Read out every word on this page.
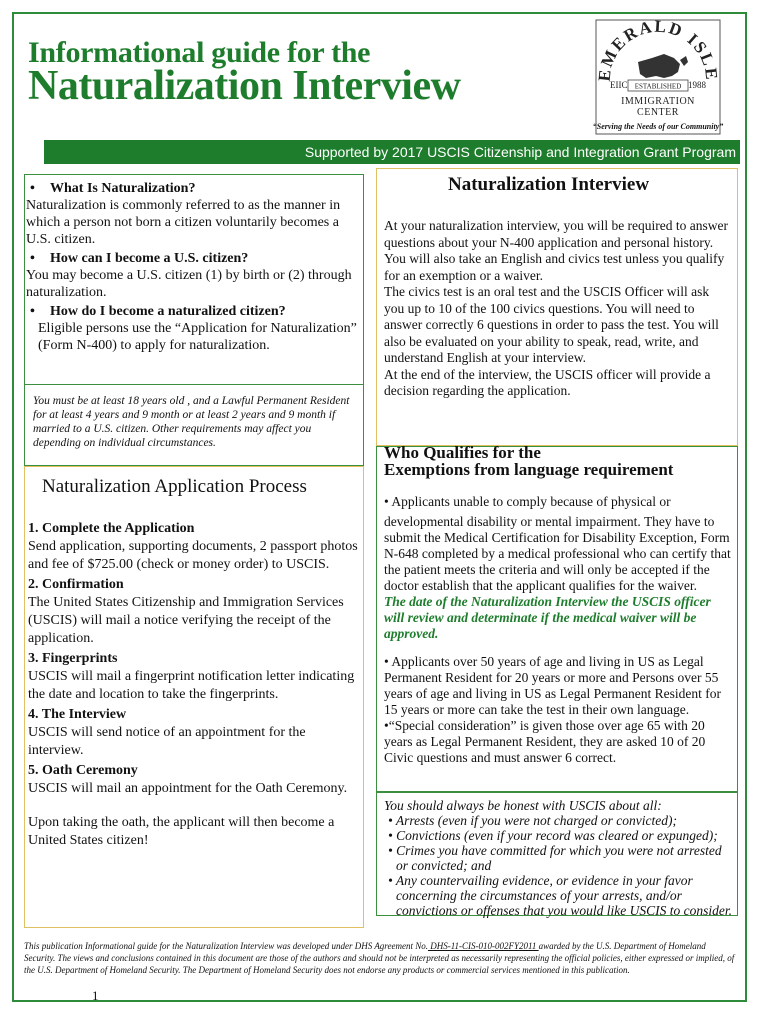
Informational guide for the
Naturalization Interview	EMERALD ISLE
EIIC ESTABLISHED 1988
IMMIGRATION
CENTER
“Serving the Needs of our Community”
Supported by 2017 USCIS Citizenship and Integration Grant Program

• What Is Naturalization?

Naturalization is commonly referred to as the manner in which a person not born a citizen voluntarily becomes a U.S. citizen.

• How can I become a U.S. citizen?

You may become a U.S. citizen (1) by birth or (2) through naturalization.

• How do I become a naturalized citizen?

Eligible persons use the “Application for Naturalization” (Form N-400) to apply for naturalization.

You must be at least 18 years old , and a Lawful Permanent Resident for at least 4 years and 9 month or at least 2 years and 9 month if married to a U.S. citizen. Other requirements may affect you depending on individual circumstances.
Naturalization Application Process

1. Complete the Application

Send application, supporting documents, 2 passport photos and fee of $725.00 (check or money order) to USCIS.

2. Confirmation

The United States Citizenship and Immigration Services (USCIS) will mail a notice verifying the receipt of the application.

3. Fingerprints

USCIS will mail a fingerprint notification letter indicating the date and location to take the fingerprints.

4. The Interview

USCIS will send notice of an appointment for the interview.

5. Oath Ceremony

USCIS will mail an appointment for the Oath Ceremony.

Upon taking the oath, the applicant will then become a United States citizen!

Naturalization Interview

At your naturalization interview, you will be required to answer questions about your N-400 application and personal history.

You will also take an English and civics test unless you qualify for an exemption or a waiver.

The civics test is an oral test and the USCIS Officer will ask you up to 10 of the 100 civics questions. You will need to answer correctly 6 questions in order to pass the test. You will also be evaluated on your ability to speak, read, write, and understand English at your interview.

At the end of the interview, the USCIS officer will provide a decision regarding the application.

Who Qualifies for the
Exemptions from language requirement

• Applicants unable to comply because of physical or

developmental disability or mental impairment. They have to submit the Medical Certification for Disability Exception, Form N-648 completed by a medical professional who can certify that the patient meets the criteria and will only be accepted if the doctor establish that the applicant qualifies for the waiver.

The date of the Naturalization Interview the USCIS officer will review and determinate if the medical waiver will be approved.

• Applicants over 50 years of age and living in US as Legal Permanent Resident for 20 years or more and Persons over 55 years of age and living in US as Legal Permanent Resident for 15 years or more can take the test in their own language.

•“Special consideration” is given those over age 65 with 20 years as Legal Permanent Resident, they are asked 10 of 20 Civic questions and must answer 6 correct.

You should always be honest with USCIS about all:

• Arrests (even if you were not charged or convicted);

• Convictions (even if your record was cleared or expunged);

• Crimes you have committed for which you were not arrested or convicted; and

• Any countervailing evidence, or evidence in your favor concerning the circumstances of your arrests, and/or convictions or offenses that you would like USCIS to consider.

This publication Informational guide for the Naturalization Interview was developed under DHS Agreement No. DHS-11-CIS-010-002FY2011 awarded by the U.S. Department of Homeland Security. The views and conclusions contained in this document are those of the authors and should not be interpreted as necessarily representing the official policies, either expressed or implied, of the U.S. Department of Homeland Security. The Department of Homeland Security does not endorse any products or commercial services mentioned in this publication.
1
